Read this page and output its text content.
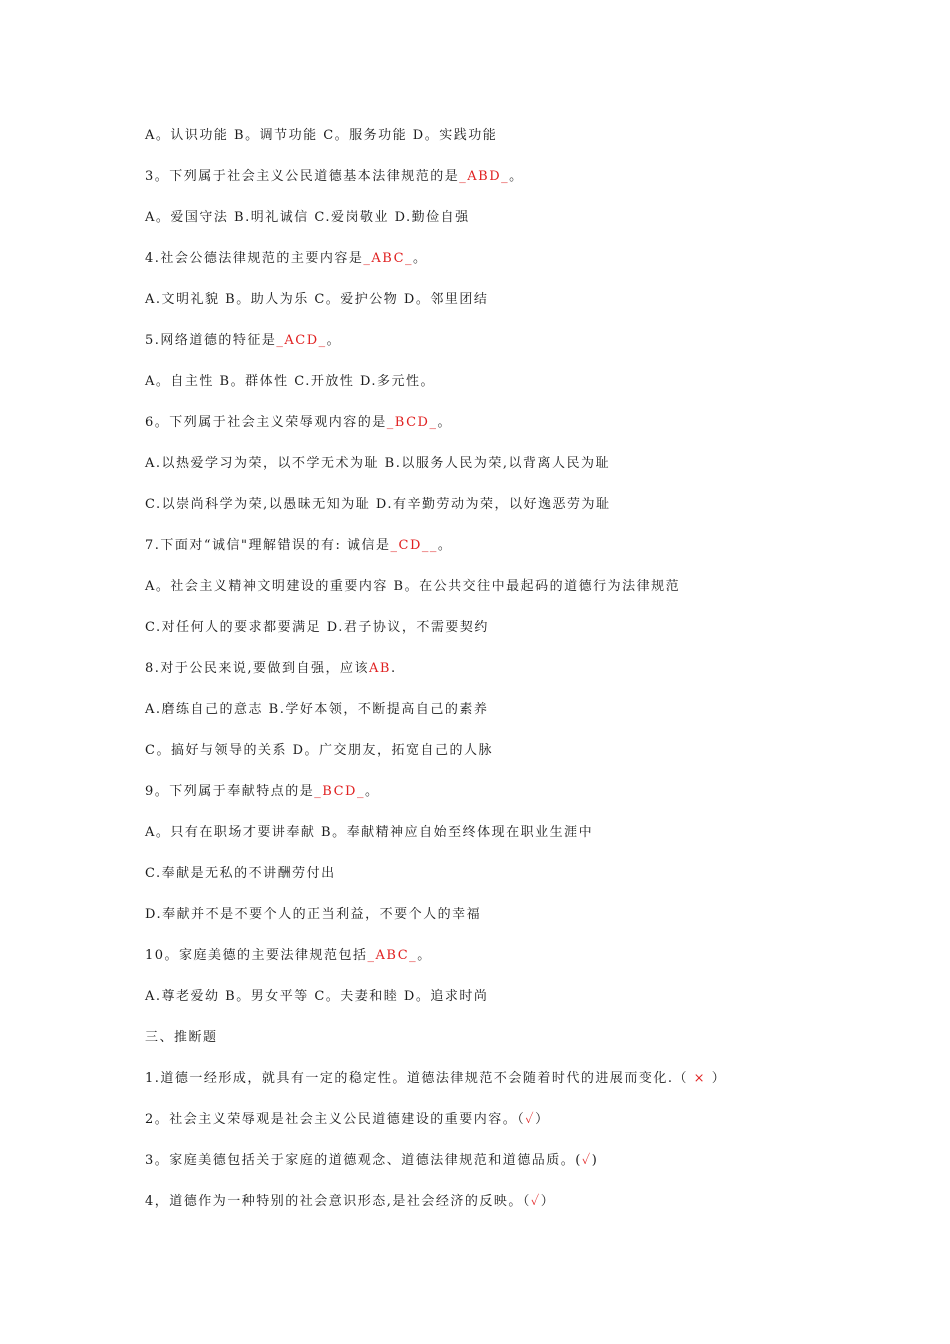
A。认识功能 B。调节功能 C。服务功能 D。实践功能
3。下列属于社会主义公民道德基本法律规范的是_ABD_。
A。爱国守法 B.明礼诚信 C.爱岗敬业 D.勤俭自强
4.社会公德法律规范的主要内容是_ABC_。
A.文明礼貌 B。助人为乐 C。爱护公物 D。邻里团结
5.网络道德的特征是_ACD_。
A。自主性 B。群体性 C.开放性 D.多元性。
6。下列属于社会主义荣辱观内容的是_BCD_。
A.以热爱学习为荣，以不学无术为耻 B.以服务人民为荣,以背离人民为耻
C.以崇尚科学为荣,以愚昧无知为耻 D.有辛勤劳动为荣，以好逸恶劳为耻
7.下面对“诚信"理解错误的有: 诚信是_CD__。
A。社会主义精神文明建设的重要内容 B。在公共交往中最起码的道德行为法律规范
C.对任何人的要求都要满足 D.君子协议，不需要契约
8.对于公民来说,要做到自强，应该AB.
A.磨练自己的意志 B.学好本领，不断提高自己的素养
C。搞好与领导的关系 D。广交朋友，拓宽自己的人脉
9。下列属于奉献特点的是_BCD_。
A。只有在职场才要讲奉献 B。奉献精神应自始至终体现在职业生涯中
C.奉献是无私的不讲酬劳付出
D.奉献并不是不要个人的正当利益，不要个人的幸福
10。家庭美德的主要法律规范包括_ABC_。
A.尊老爱幼 B。男女平等 C。夫妻和睦 D。追求时尚
三、推断题
1.道德一经形成，就具有一定的稳定性。道德法律规范不会随着时代的进展而变化.（ × ）
2。社会主义荣辱观是社会主义公民道德建设的重要内容。（✓）
3。家庭美德包括关于家庭的道德观念、道德法律规范和道德品质。(✓)
4，道德作为一种特别的社会意识形态,是社会经济的反映。（✓）
